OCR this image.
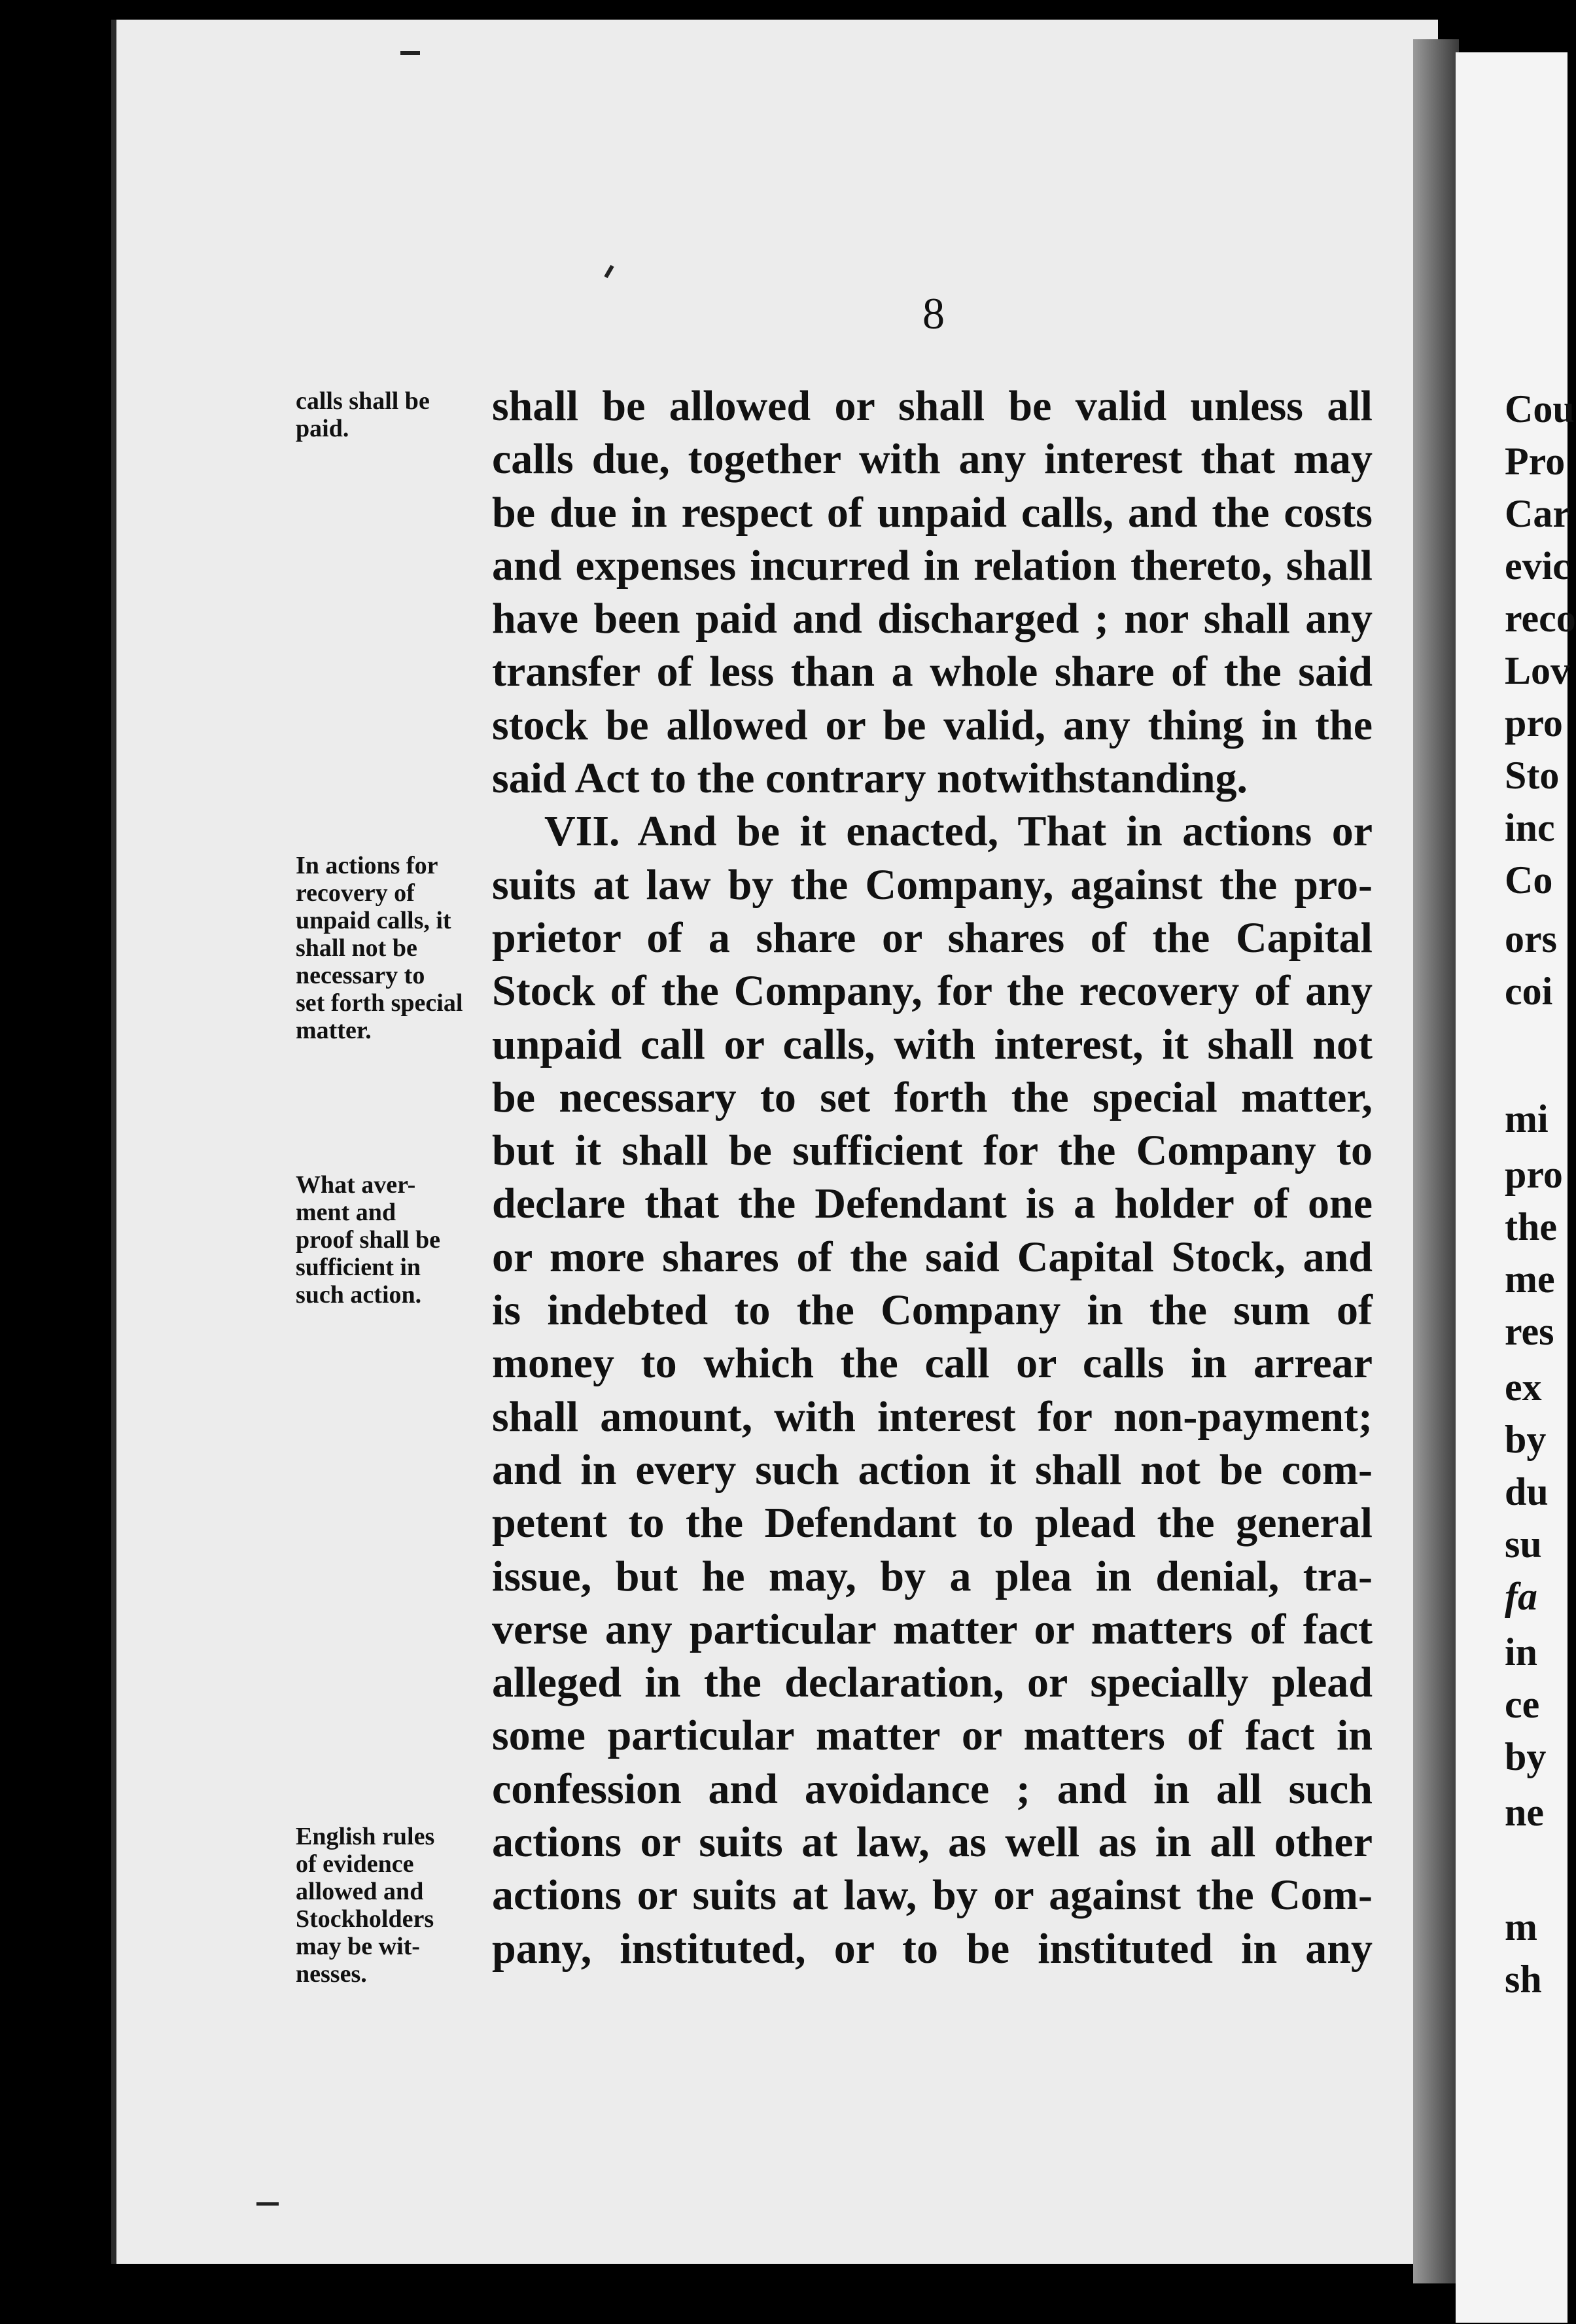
8
shall be allowed or shall be valid unless all
calls due, together with any interest that may
be due in respect of unpaid calls, and the costs
and expenses incurred in relation thereto, shall
have been paid and discharged ; nor shall any
transfer of less than a whole share of the said
stock be allowed or be valid, any thing in the
said Act to the contrary notwithstanding.
VII. And be it enacted, That in actions or
suits at law by the Company, against the pro-
prietor of a share or shares of the Capital
Stock of the Company, for the recovery of any
unpaid call or calls, with interest, it shall not
be necessary to set forth the special matter,
but it shall be sufficient for the Company to
declare that the Defendant is a holder of one
or more shares of the said Capital Stock, and
is indebted to the Company in the sum of
money to which the call or calls in arrear
shall amount, with interest for non-payment;
and in every such action it shall not be com-
petent to the Defendant to plead the general
issue, but he may, by a plea in denial, tra-
verse any particular matter or matters of fact
alleged in the declaration, or specially plead
some particular matter or matters of fact in
confession and avoidance ; and in all such
actions or suits at law, as well as in all other
actions or suits at law, by or against the Com-
pany, instituted, or to be instituted in any
calls shall be
paid.
In actions for
recovery of
unpaid calls, it
shall not be
necessary to
set forth special
matter.
What aver-
ment and
proof shall be
sufficient in
such action.
English rules
of evidence
allowed and
Stockholders
may be wit-
nesses.
Cou
Pro
Car
evic
reco
Lov
pro
Sto
inc
Co
ors
coi
mi
pro
the
me
res
ex
by
du
su
fa
in
ce
by
ne
m
sh
